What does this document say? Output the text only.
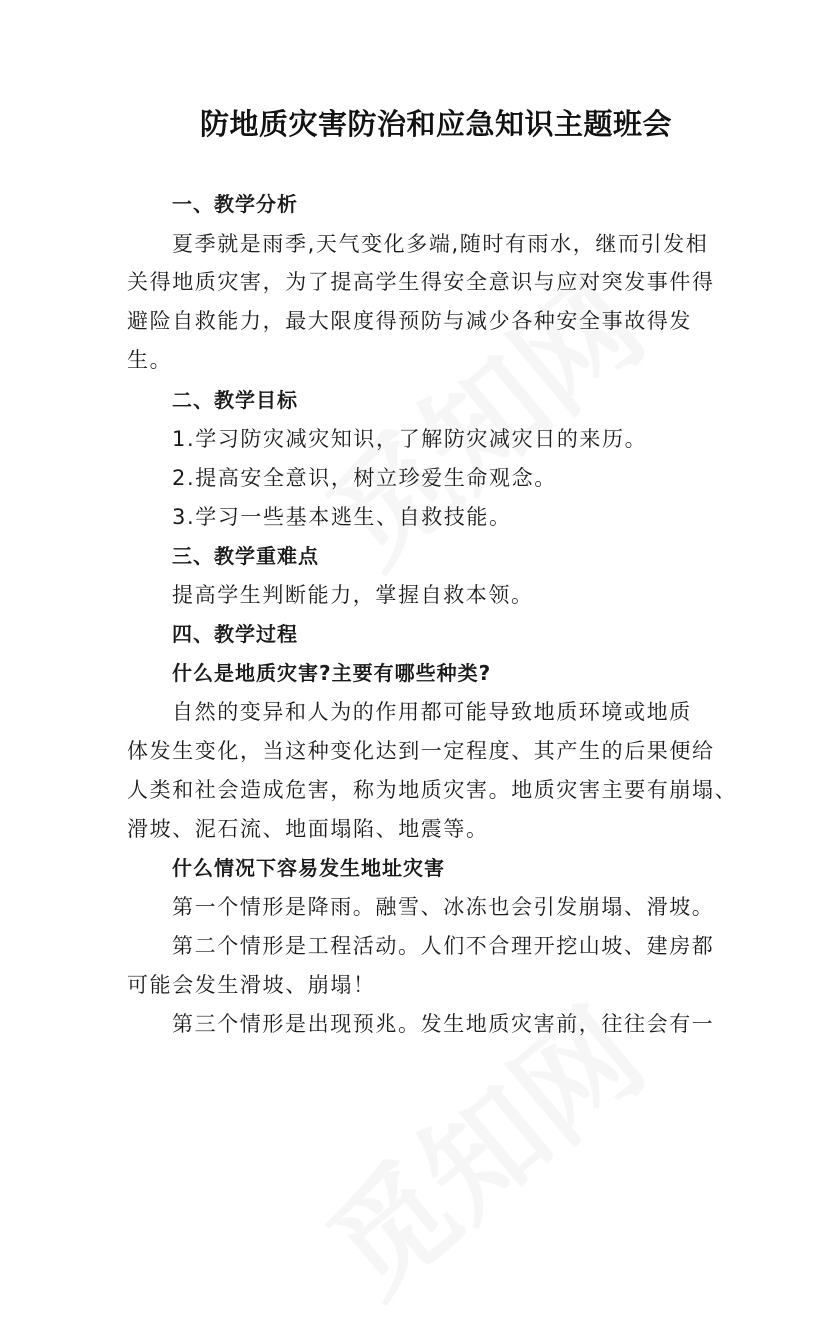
防地质灾害防治和应急知识主题班会
一、教学分析
夏季就是雨季,天气变化多端,随时有雨水，继而引发相
关得地质灾害，为了提高学生得安全意识与应对突发事件得
避险自救能力，最大限度得预防与减少各种安全事故得发
生。
二、教学目标
1.学习防灾减灾知识，了解防灾减灾日的来历。
2.提高安全意识，树立珍爱生命观念。
3.学习一些基本逃生、自救技能。
三、教学重难点
提高学生判断能力，掌握自救本领。
四、教学过程
什么是地质灾害?主要有哪些种类?
自然的变异和人为的作用都可能导致地质环境或地质
体发生变化，当这种变化达到一定程度、其产生的后果便给
人类和社会造成危害，称为地质灾害。地质灾害主要有崩塌、
滑坡、泥石流、地面塌陷、地震等。
什么情况下容易发生地址灾害
第一个情形是降雨。融雪、冰冻也会引发崩塌、滑坡。
第二个情形是工程活动。人们不合理开挖山坡、建房都
可能会发生滑坡、崩塌！
第三个情形是出现预兆。发生地质灾害前，往往会有一
